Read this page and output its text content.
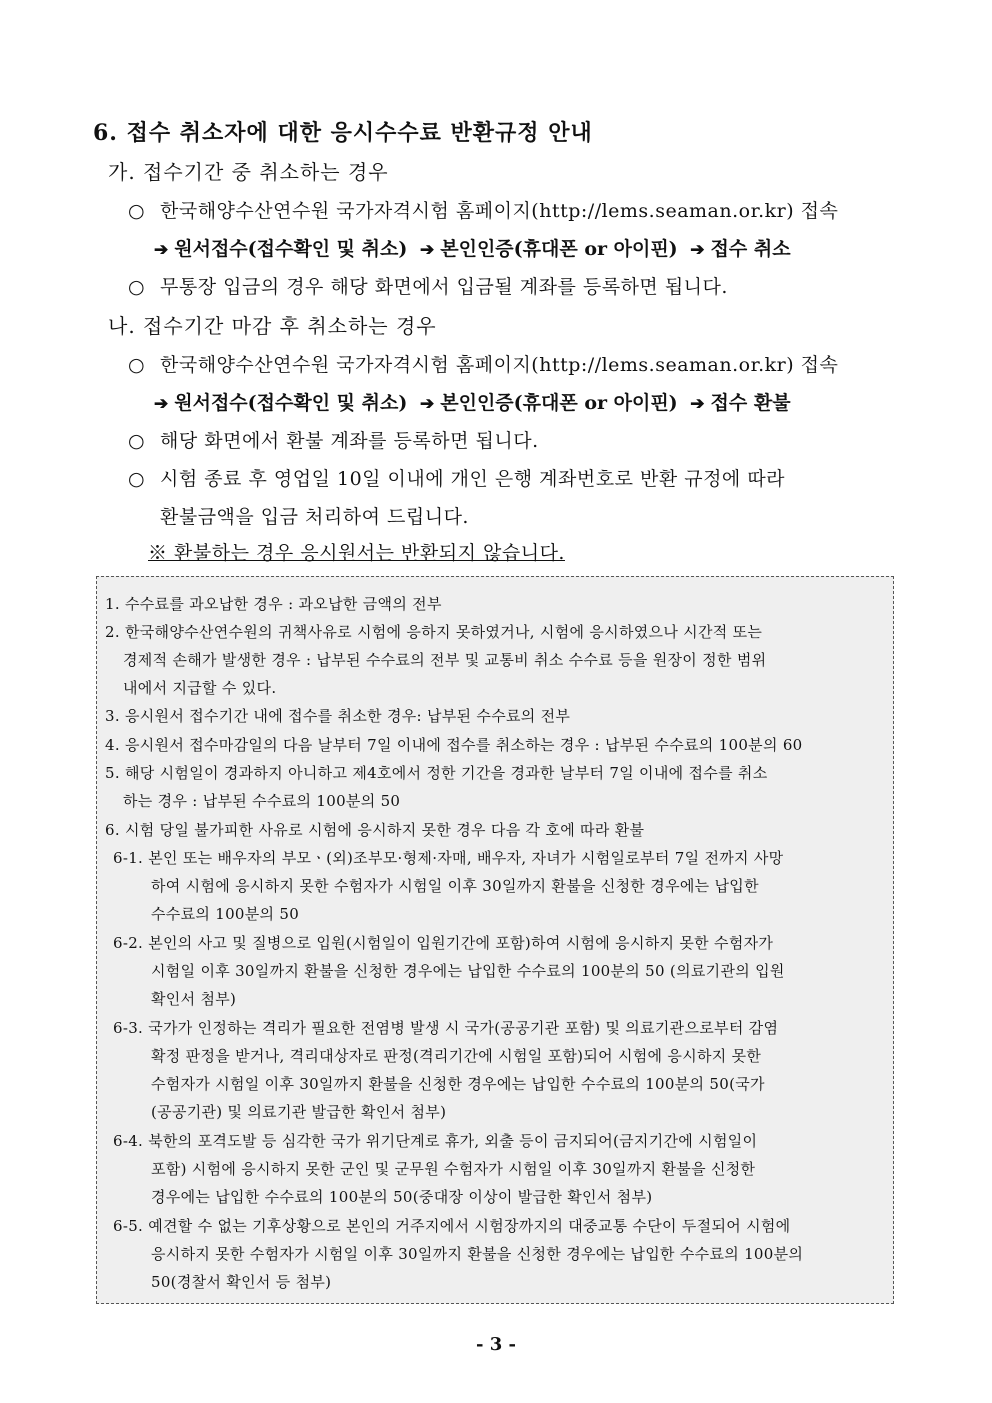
6. 접수 취소자에 대한 응시수수료 반환규정 안내
가. 접수기간 중 취소하는 경우
○ 한국해양수산연수원 국가자격시험 홈페이지(http://lems.seaman.or.kr) 접속
➔ 원서접수(접수확인 및 취소) ➔ 본인인증(휴대폰 or 아이핀) ➔ 접수 취소
○ 무통장 입금의 경우 해당 화면에서 입금될 계좌를 등록하면 됩니다.
나. 접수기간 마감 후 취소하는 경우
○ 한국해양수산연수원 국가자격시험 홈페이지(http://lems.seaman.or.kr) 접속
➔ 원서접수(접수확인 및 취소) ➔ 본인인증(휴대폰 or 아이핀) ➔ 접수 환불
○ 해당 화면에서 환불 계좌를 등록하면 됩니다.
○ 시험 종료 후 영업일 10일 이내에 개인 은행 계좌번호로 반환 규정에 따라
환불금액을 입금 처리하여 드립니다.
※ 환불하는 경우 응시원서는 반환되지 않습니다.
1. 수수료를 과오납한 경우 : 과오납한 금액의 전부
2. 한국해양수산연수원의 귀책사유로 시험에 응하지 못하였거나, 시험에 응시하였으나 시간적 또는
경제적 손해가 발생한 경우 : 납부된 수수료의 전부 및 교통비 취소 수수료 등을 원장이 정한 범위
내에서 지급할 수 있다.
3. 응시원서 접수기간 내에 접수를 취소한 경우: 납부된 수수료의 전부
4. 응시원서 접수마감일의 다음 날부터 7일 이내에 접수를 취소하는 경우 : 납부된 수수료의 100분의 60
5. 해당 시험일이 경과하지 아니하고 제4호에서 정한 기간을 경과한 날부터 7일 이내에 접수를 취소
하는 경우 : 납부된 수수료의 100분의 50
6. 시험 당일 불가피한 사유로 시험에 응시하지 못한 경우 다음 각 호에 따라 환불
6-1. 본인 또는 배우자의 부모ㆍ(외)조부모·형제·자매, 배우자, 자녀가 시험일로부터 7일 전까지 사망
하여 시험에 응시하지 못한 수험자가 시험일 이후 30일까지 환불을 신청한 경우에는 납입한
수수료의 100분의 50
6-2. 본인의 사고 및 질병으로 입원(시험일이 입원기간에 포함)하여 시험에 응시하지 못한 수험자가
시험일 이후 30일까지 환불을 신청한 경우에는 납입한 수수료의 100분의 50 (의료기관의 입원
확인서 첨부)
6-3. 국가가 인정하는 격리가 필요한 전염병 발생 시 국가(공공기관 포함) 및 의료기관으로부터 감염
확정 판정을 받거나, 격리대상자로 판정(격리기간에 시험일 포함)되어 시험에 응시하지 못한
수험자가 시험일 이후 30일까지 환불을 신청한 경우에는 납입한 수수료의 100분의 50(국가
(공공기관) 및 의료기관 발급한 확인서 첨부)
6-4. 북한의 포격도발 등 심각한 국가 위기단계로 휴가, 외출 등이 금지되어(금지기간에 시험일이
포함) 시험에 응시하지 못한 군인 및 군무원 수험자가 시험일 이후 30일까지 환불을 신청한
경우에는 납입한 수수료의 100분의 50(중대장 이상이 발급한 확인서 첨부)
6-5. 예견할 수 없는 기후상황으로 본인의 거주지에서 시험장까지의 대중교통 수단이 두절되어 시험에
응시하지 못한 수험자가 시험일 이후 30일까지 환불을 신청한 경우에는 납입한 수수료의 100분의
50(경찰서 확인서 등 첨부)
- 3 -
